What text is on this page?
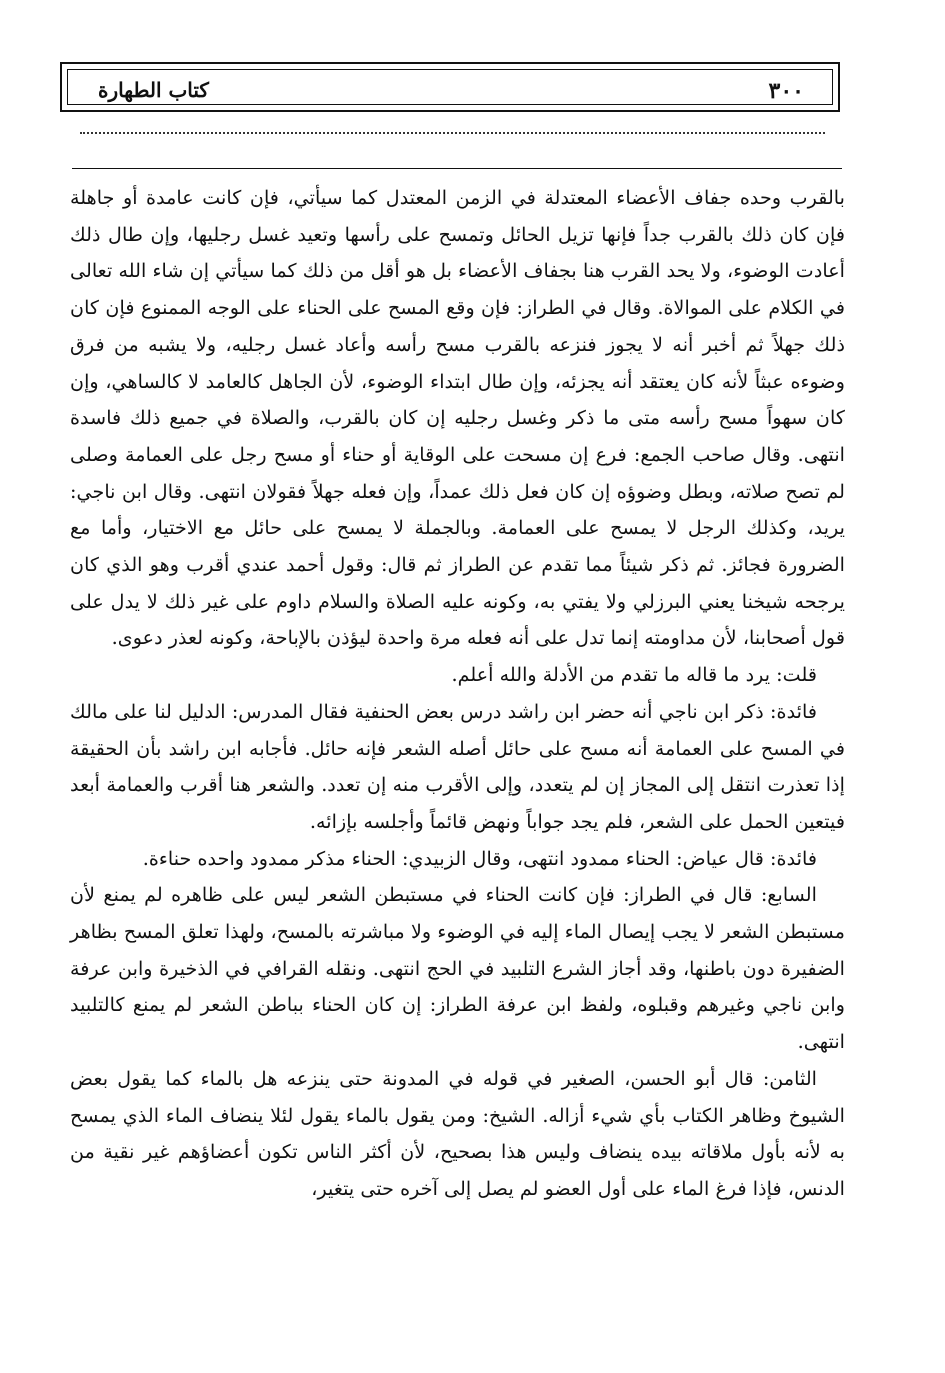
٣٠٠
كتاب الطهارة

بالقرب وحده جفاف الأعضاء المعتدلة في الزمن المعتدل كما سيأتي، فإن كانت عامدة أو جاهلة فإن كان ذلك بالقرب جداً فإنها تزيل الحائل وتمسح على رأسها وتعيد غسل رجليها، وإن طال ذلك أعادت الوضوء، ولا يحد القرب هنا بجفاف الأعضاء بل هو أقل من ذلك كما سيأتي إن شاء الله تعالى في الكلام على الموالاة. وقال في الطراز: فإن وقع المسح على الحناء على الوجه الممنوع فإن كان ذلك جهلاً ثم أخبر أنه لا يجوز فنزعه بالقرب مسح رأسه وأعاد غسل رجليه، ولا يشبه من فرق وضوءه عبثاً لأنه كان يعتقد أنه يجزئه، وإن طال ابتداء الوضوء، لأن الجاهل كالعامد لا كالساهي، وإن كان سهواً مسح رأسه متى ما ذكر وغسل رجليه إن كان بالقرب، والصلاة في جميع ذلك فاسدة انتهى. وقال صاحب الجمع: فرع إن مسحت على الوقاية أو حناء أو مسح رجل على العمامة وصلى لم تصح صلاته، وبطل وضوؤه إن كان فعل ذلك عمداً، وإن فعله جهلاً فقولان انتهى. وقال ابن ناجي: يريد، وكذلك الرجل لا يمسح على العمامة. وبالجملة لا يمسح على حائل مع الاختيار، وأما مع الضرورة فجائز. ثم ذكر شيئاً مما تقدم عن الطراز ثم قال: وقول أحمد عندي أقرب وهو الذي كان يرجحه شيخنا يعني البرزلي ولا يفتي به، وكونه عليه الصلاة والسلام داوم على غير ذلك لا يدل على قول أصحابنا، لأن مداومته إنما تدل على أنه فعله مرة واحدة ليؤذن بالإباحة، وكونه لعذر دعوى.

قلت: يرد ما قاله ما تقدم من الأدلة والله أعلم.

فائدة: ذكر ابن ناجي أنه حضر ابن راشد درس بعض الحنفية فقال المدرس: الدليل لنا على مالك في المسح على العمامة أنه مسح على حائل أصله الشعر فإنه حائل. فأجابه ابن راشد بأن الحقيقة إذا تعذرت انتقل إلى المجاز إن لم يتعدد، وإلى الأقرب منه إن تعدد. والشعر هنا أقرب والعمامة أبعد فيتعين الحمل على الشعر، فلم يجد جواباً ونهض قائماً وأجلسه بإزائه.

فائدة: قال عياض: الحناء ممدود انتهى، وقال الزبيدي: الحناء مذكر ممدود واحده حناءة.

السابع: قال في الطراز: فإن كانت الحناء في مستبطن الشعر ليس على ظاهره لم يمنع لأن مستبطن الشعر لا يجب إيصال الماء إليه في الوضوء ولا مباشرته بالمسح، ولهذا تعلق المسح بظاهر الضفيرة دون باطنها، وقد أجاز الشرع التلبيد في الحج انتهى. ونقله القرافي في الذخيرة وابن عرفة وابن ناجي وغيرهم وقبلوه، ولفظ ابن عرفة الطراز: إن كان الحناء بباطن الشعر لم يمنع كالتلبيد انتهى.

الثامن: قال أبو الحسن، الصغير في قوله في المدونة حتى ينزعه هل بالماء كما يقول بعض الشيوخ وظاهر الكتاب بأي شيء أزاله. الشيخ: ومن يقول بالماء يقول لئلا ينضاف الماء الذي يمسح به لأنه بأول ملاقاته بيده ينضاف وليس هذا بصحيح، لأن أكثر الناس تكون أعضاؤهم غير نقية من الدنس، فإذا فرغ الماء على أول العضو لم يصل إلى آخره حتى يتغير،
